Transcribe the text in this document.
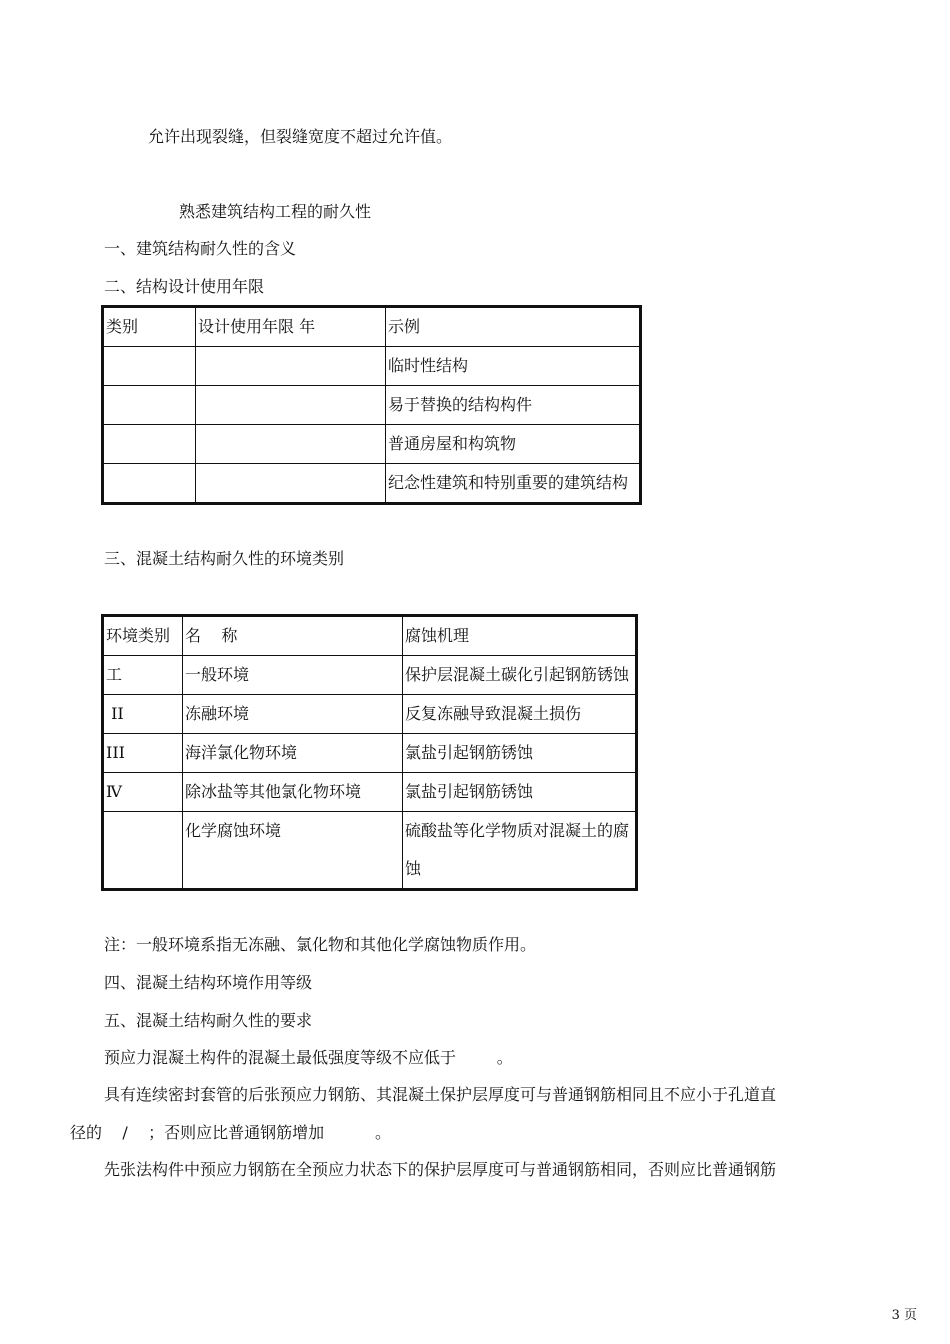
允许出现裂缝，但裂缝宽度不超过允许值。
熟悉建筑结构工程的耐久性
一、建筑结构耐久性的含义
二、结构设计使用年限
类别	设计使用年限 年	示例
		临时性结构
		易于替换的结构构件
		普通房屋和构筑物
		纪念性建筑和特别重要的建筑结构
三、混凝土结构耐久性的环境类别
环境类别	名    称	腐蚀机理
工	一般环境	保护层混凝土碳化引起钢筋锈蚀
II	冻融环境	反复冻融导致混凝土损伤
III	海洋氯化物环境	氯盐引起钢筋锈蚀
Ⅳ	除冰盐等其他氯化物环境	氯盐引起钢筋锈蚀
	化学腐蚀环境	硫酸盐等化学物质对混凝土的腐蚀
注：一般环境系指无冻融、氯化物和其他化学腐蚀物质作用。
四、混凝土结构环境作用等级
五、混凝土结构耐久性的要求
预应力混凝土构件的混凝土最低强度等级不应低于        。
具有连续密封套管的后张预应力钢筋、其混凝土保护层厚度可与普通钢筋相同且不应小于孔道直
径的    /    ；否则应比普通钢筋增加          。
先张法构件中预应力钢筋在全预应力状态下的保护层厚度可与普通钢筋相同，否则应比普通钢筋
3 页
